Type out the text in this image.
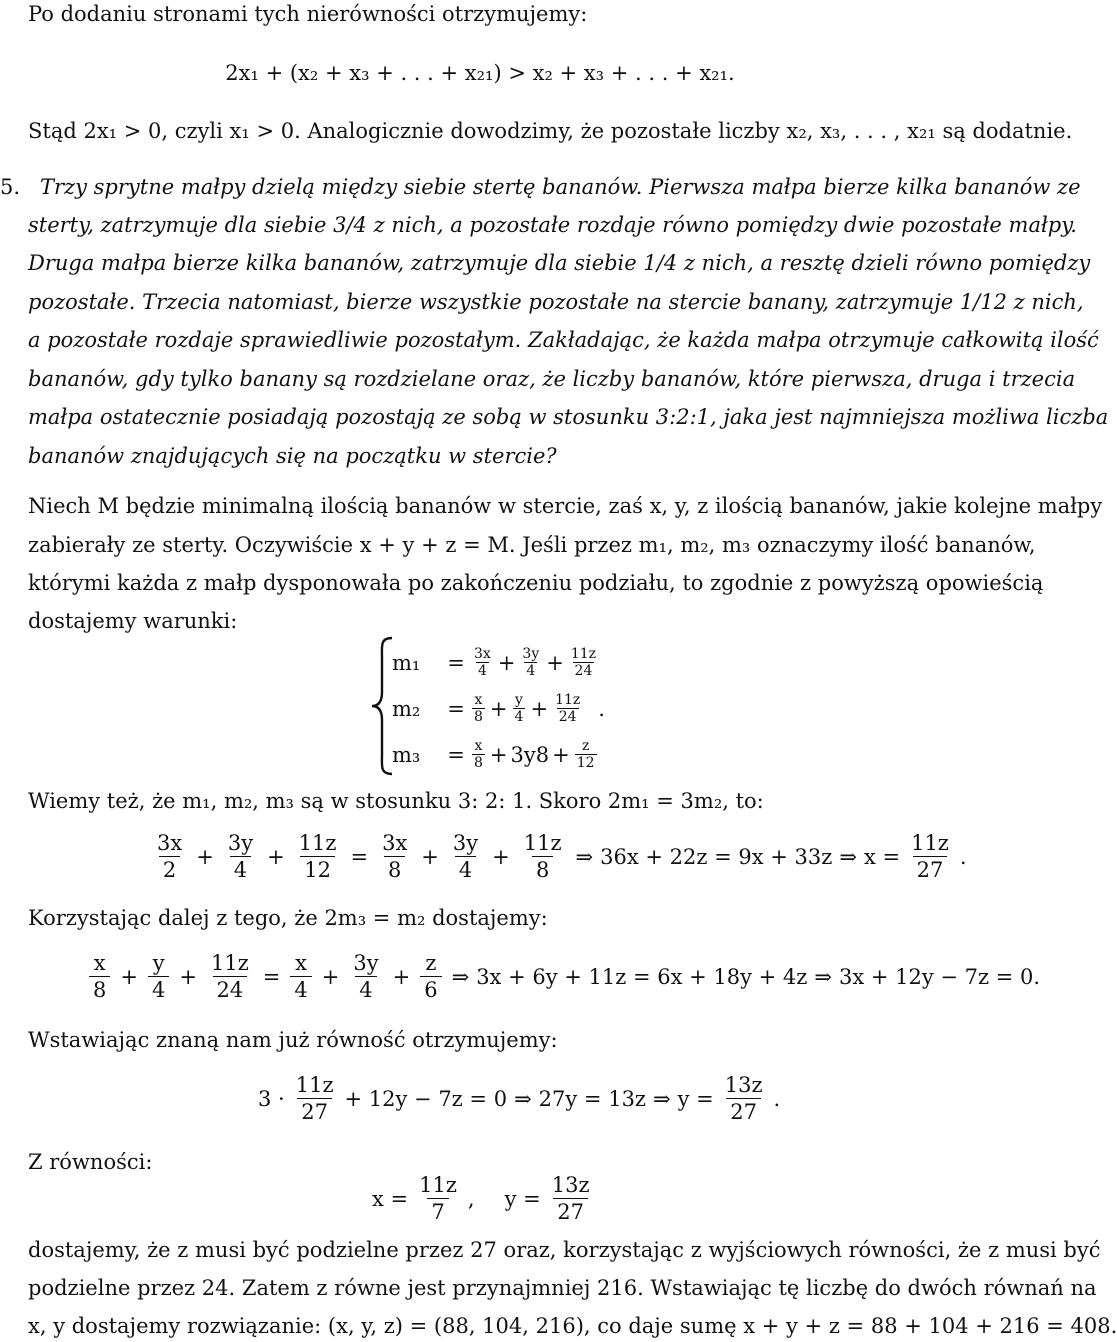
Po dodaniu stronami tych nierówności otrzymujemy:
2x₁ + (x₂ + x₃ + . . . + x₂₁) > x₂ + x₃ + . . . + x₂₁.
Stąd 2x₁ > 0, czyli x₁ > 0. Analogicznie dowodzimy, że pozostałe liczby x₂, x₃, . . . , x₂₁ są dodatnie.
5. Trzy sprytne małpy dzielą między siebie stertę bananów. Pierwsza małpa bierze kilka bananów ze
sterty, zatrzymuje dla siebie 3/4 z nich, a pozostałe rozdaje równo pomiędzy dwie pozostałe małpy.
Druga małpa bierze kilka bananów, zatrzymuje dla siebie 1/4 z nich, a resztę dzieli równo pomiędzy
pozostałe. Trzecia natomiast, bierze wszystkie pozostałe na stercie banany, zatrzymuje 1/12 z nich,
a pozostałe rozdaje sprawiedliwie pozostałym. Zakładając, że każda małpa otrzymuje całkowitą ilość
bananów, gdy tylko banany są rozdzielane oraz, że liczby bananów, które pierwsza, druga i trzecia
małpa ostatecznie posiadają pozostają ze sobą w stosunku 3:2:1, jaka jest najmniejsza możliwa liczba
bananów znajdujących się na początku w stercie?
Niech M będzie minimalną ilością bananów w stercie, zaś x, y, z ilością bananów, jakie kolejne małpy
zabierały ze sterty. Oczywiście x + y + z = M. Jeśli przez m₁, m₂, m₃ oznaczymy ilość bananów,
którymi każda z małp dysponowała po zakończeniu podziału, to zgodnie z powyższą opowieścią
dostajemy warunki:
m₁	= $\frac{3x}{4} + \frac{3y}{4} + \frac{11z}{24}$
m₂	= $\frac{x}{8} + \frac{y}{4} + \frac{11z}{24}$ .
m₃	= $\frac{x}{8} + 3y8 + \frac{z}{12}$
Wiemy też, że m₁, m₂, m₃ są w stosunku 3: 2: 1. Skoro 2m₁ = 3m₂, to:
$\frac{3x}{2} + \frac{3y}{4} + \frac{11z}{12} = \frac{3x}{8} + \frac{3y}{4} + \frac{11z}{8}$ ⇒ 36x + 22z = 9x + 33z ⇒ $x = \frac{11z}{27}$ .
Korzystając dalej z tego, że 2m₃ = m₂ dostajemy:
$\frac{x}{8} + \frac{y}{4} + \frac{11z}{24} = \frac{x}{4} + \frac{3y}{4} + \frac{z}{6}$ ⇒ 3x + 6y + 11z = 6x + 18y + 4z ⇒ 3x + 12y − 7z = 0.
Wstawiając znaną nam już równość otrzymujemy:
$3 \cdot \frac{11z}{27} + 12y - 7z = 0$ ⇒ 27y = 13z ⇒ $y = \frac{13z}{27}$ .
Z równości:
$x = \frac{11z}{7}$ , $y = \frac{13z}{27}$
dostajemy, że z musi być podzielne przez 27 oraz, korzystając z wyjściowych równości, że z musi być
podzielne przez 24. Zatem z równe jest przynajmniej 216. Wstawiając tę liczbę do dwóch równań na
x, y dostajemy rozwiązanie: (x, y, z) = (88, 104, 216), co daje sumę x + y + z = 88 + 104 + 216 = 408.
